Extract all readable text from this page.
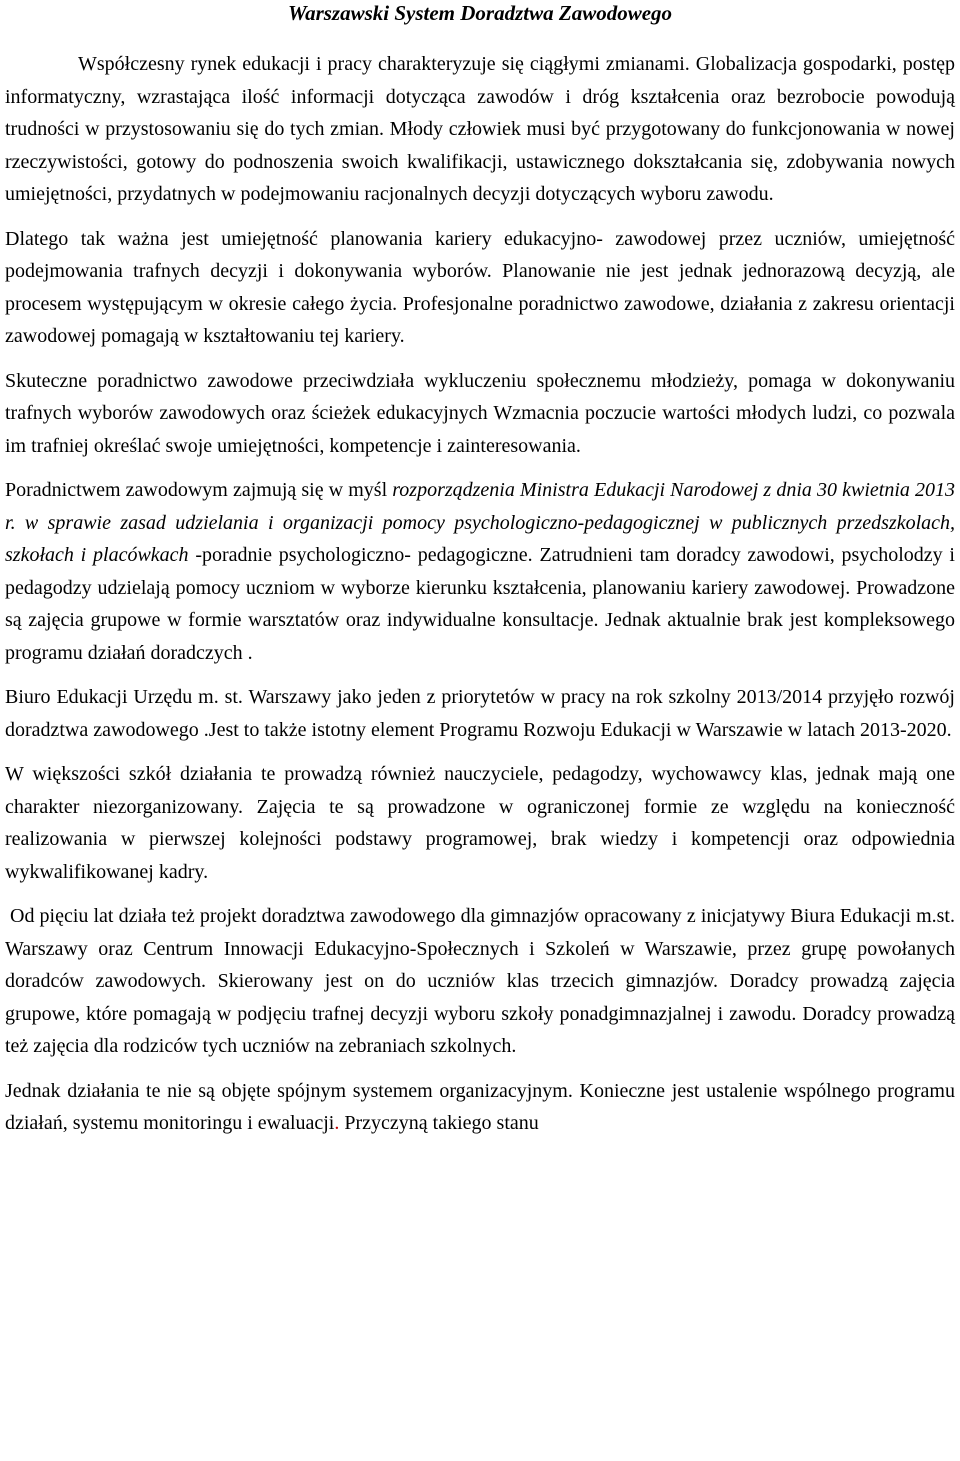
Warszawski System Doradztwa Zawodowego

Współczesny rynek edukacji i pracy charakteryzuje się ciągłymi zmianami. Globalizacja gospodarki, postęp informatyczny, wzrastająca ilość informacji dotycząca zawodów i dróg kształcenia oraz bezrobocie powodują trudności w przystosowaniu się do tych zmian. Młody człowiek musi być przygotowany do funkcjonowania w nowej rzeczywistości, gotowy do podnoszenia swoich kwalifikacji, ustawicznego dokształcania się, zdobywania nowych umiejętności, przydatnych w podejmowaniu racjonalnych decyzji dotyczących wyboru zawodu.

Dlatego tak ważna jest umiejętność planowania kariery edukacyjno- zawodowej przez uczniów, umiejętność podejmowania trafnych decyzji i dokonywania wyborów. Planowanie nie jest jednak jednorazową decyzją, ale procesem występującym w okresie całego życia. Profesjonalne poradnictwo zawodowe, działania z zakresu orientacji zawodowej pomagają w kształtowaniu tej kariery.

Skuteczne poradnictwo zawodowe przeciwdziała wykluczeniu społecznemu młodzieży, pomaga w dokonywaniu trafnych wyborów zawodowych oraz ścieżek edukacyjnych Wzmacnia poczucie wartości młodych ludzi, co pozwala im trafniej określać swoje umiejętności, kompetencje i zainteresowania.

Poradnictwem zawodowym zajmują się w myśl rozporządzenia Ministra Edukacji Narodowej z dnia 30 kwietnia 2013 r. w sprawie zasad udzielania i organizacji pomocy psychologiczno-pedagogicznej w publicznych przedszkolach, szkołach i placówkach -poradnie psychologiczno- pedagogiczne. Zatrudnieni tam doradcy zawodowi, psycholodzy i pedagodzy udzielają pomocy uczniom w wyborze kierunku kształcenia, planowaniu kariery zawodowej. Prowadzone są zajęcia grupowe w formie warsztatów oraz indywidualne konsultacje. Jednak aktualnie brak jest kompleksowego programu działań doradczych .

Biuro Edukacji Urzędu m. st. Warszawy jako jeden z priorytetów w pracy na rok szkolny 2013/2014 przyjęło rozwój doradztwa zawodowego .Jest to także istotny element Programu Rozwoju Edukacji w Warszawie w latach 2013-2020.

W większości szkół działania te prowadzą również nauczyciele, pedagodzy, wychowawcy klas, jednak mają one charakter niezorganizowany. Zajęcia te są prowadzone w ograniczonej formie ze względu na konieczność realizowania w pierwszej kolejności podstawy programowej, brak wiedzy i kompetencji oraz odpowiednia wykwalifikowanej kadry.

Od pięciu lat działa też projekt doradztwa zawodowego dla gimnazjów opracowany z inicjatywy Biura Edukacji m.st. Warszawy oraz Centrum Innowacji Edukacyjno-Społecznych i Szkoleń w Warszawie, przez grupę powołanych doradców zawodowych. Skierowany jest on do uczniów klas trzecich gimnazjów. Doradcy prowadzą zajęcia grupowe, które pomagają w podjęciu trafnej decyzji wyboru szkoły ponadgimnazjalnej i zawodu. Doradcy prowadzą też zajęcia dla rodziców tych uczniów na zebraniach szkolnych.

Jednak działania te nie są objęte spójnym systemem organizacyjnym. Konieczne jest ustalenie wspólnego programu działań, systemu monitoringu i ewaluacji. Przyczyną takiego stanu
